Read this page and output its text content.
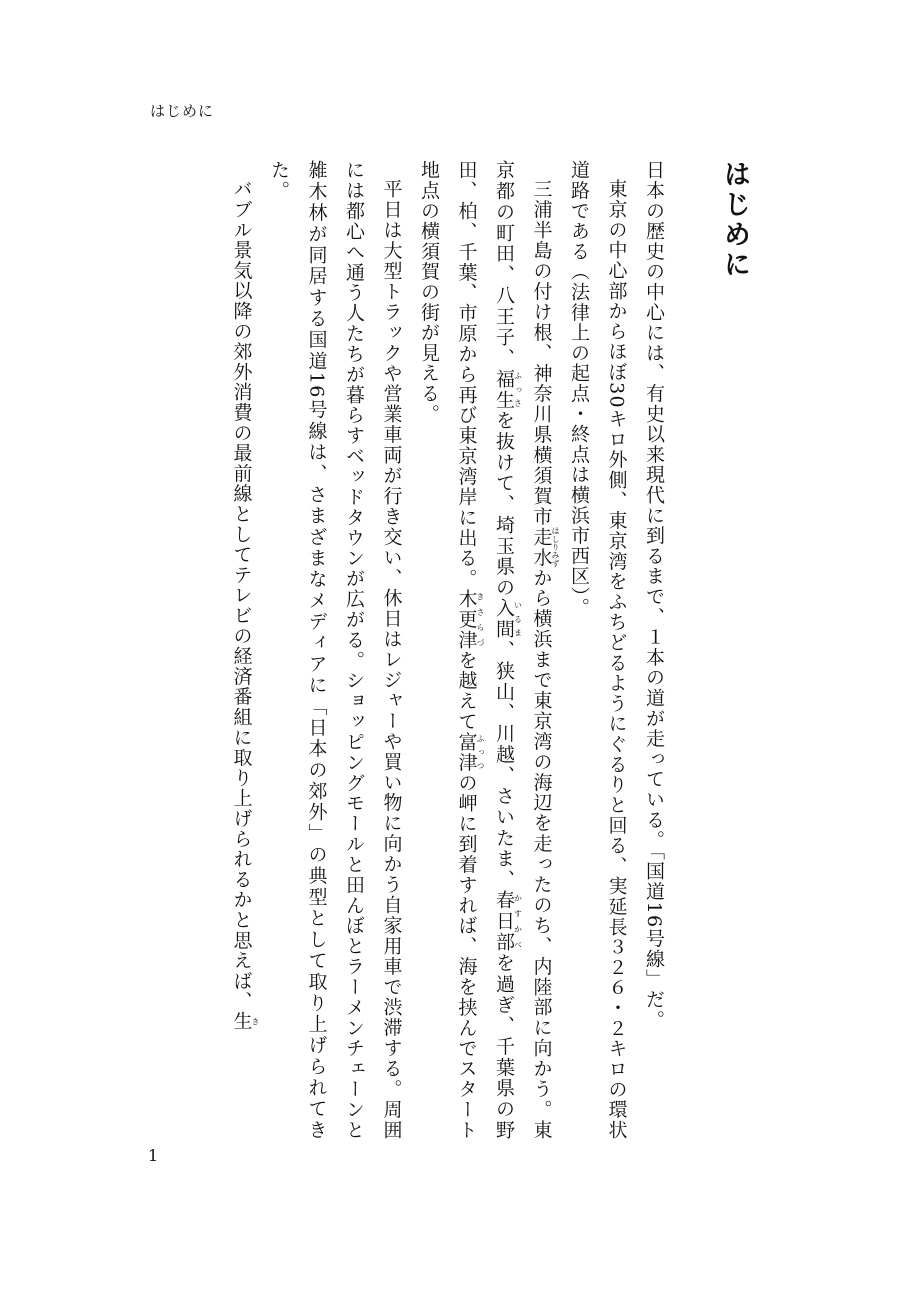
はじめに
はじめに

日本の歴史の中心には、有史以来現代に到るまで、１本の道が走っている。「国道16号線」だ。

東京の中心部からほぼ30キロ外側、東京湾をふちどるようにぐるりと回る、実延長３２６・２キロの環状道路である（法律上の起点・終点は横浜市西区）。

三浦半島の付け根、神奈川県横須賀市走水はしりみずから横浜まで東京湾の海辺を走ったのち、内陸部に向かう。東京都の町田、八王子、福生ふっさを抜けて、埼玉県の入間いるま、狭山、川越、さいたま、春日部かすかべを過ぎ、千葉県の野田、柏、千葉、市原から再び東京湾岸に出る。木更津きさらづを越えて富津ふっつの岬に到着すれば、海を挟んでスタート地点の横須賀の街が見える。

平日は大型トラックや営業車両が行き交い、休日はレジャーや買い物に向かう自家用車で渋滞する。周囲には都心へ通う人たちが暮らすベッドタウンが広がる。ショッピングモールと田んぼとラーメンチェーンと雑木林が同居する国道16号線は、さまざまなメディアに「日本の郊外」の典型として取り上げられてきた。

バブル景気以降の郊外消費の最前線としてテレビの経済番組に取り上げられるかと思えば、生き

1
